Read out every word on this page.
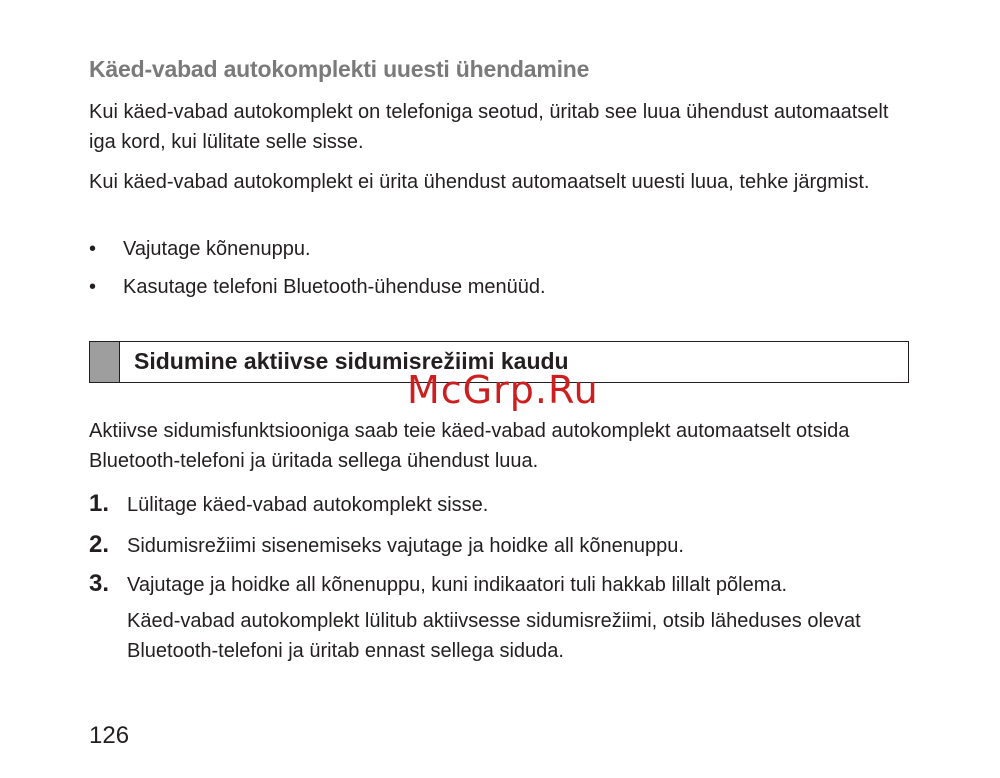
Käed-vabad autokomplekti uuesti ühendamine
Kui käed-vabad autokomplekt on telefoniga seotud, üritab see luua ühendust automaatselt iga kord, kui lülitate selle sisse.
Kui käed-vabad autokomplekt ei ürita ühendust automaatselt uuesti luua, tehke järgmist.
• Vajutage kõnenuppu.
• Kasutage telefoni Bluetooth-ühenduse menüüd.
Sidumine aktiivse sidumisrežiimi kaudu
McGrp.Ru
Aktiivse sidumisfunktsiooniga saab teie käed-vabad autokomplekt automaatselt otsida Bluetooth-telefoni ja üritada sellega ühendust luua.
1. Lülitage käed-vabad autokomplekt sisse.
2. Sidumisrežiimi sisenemiseks vajutage ja hoidke all kõnenuppu.
3. Vajutage ja hoidke all kõnenuppu, kuni indikaatori tuli hakkab lillalt põlema.
Käed-vabad autokomplekt lülitub aktiivsesse sidumisrežiimi, otsib läheduses olevat Bluetooth-telefoni ja üritab ennast sellega siduda.
126
